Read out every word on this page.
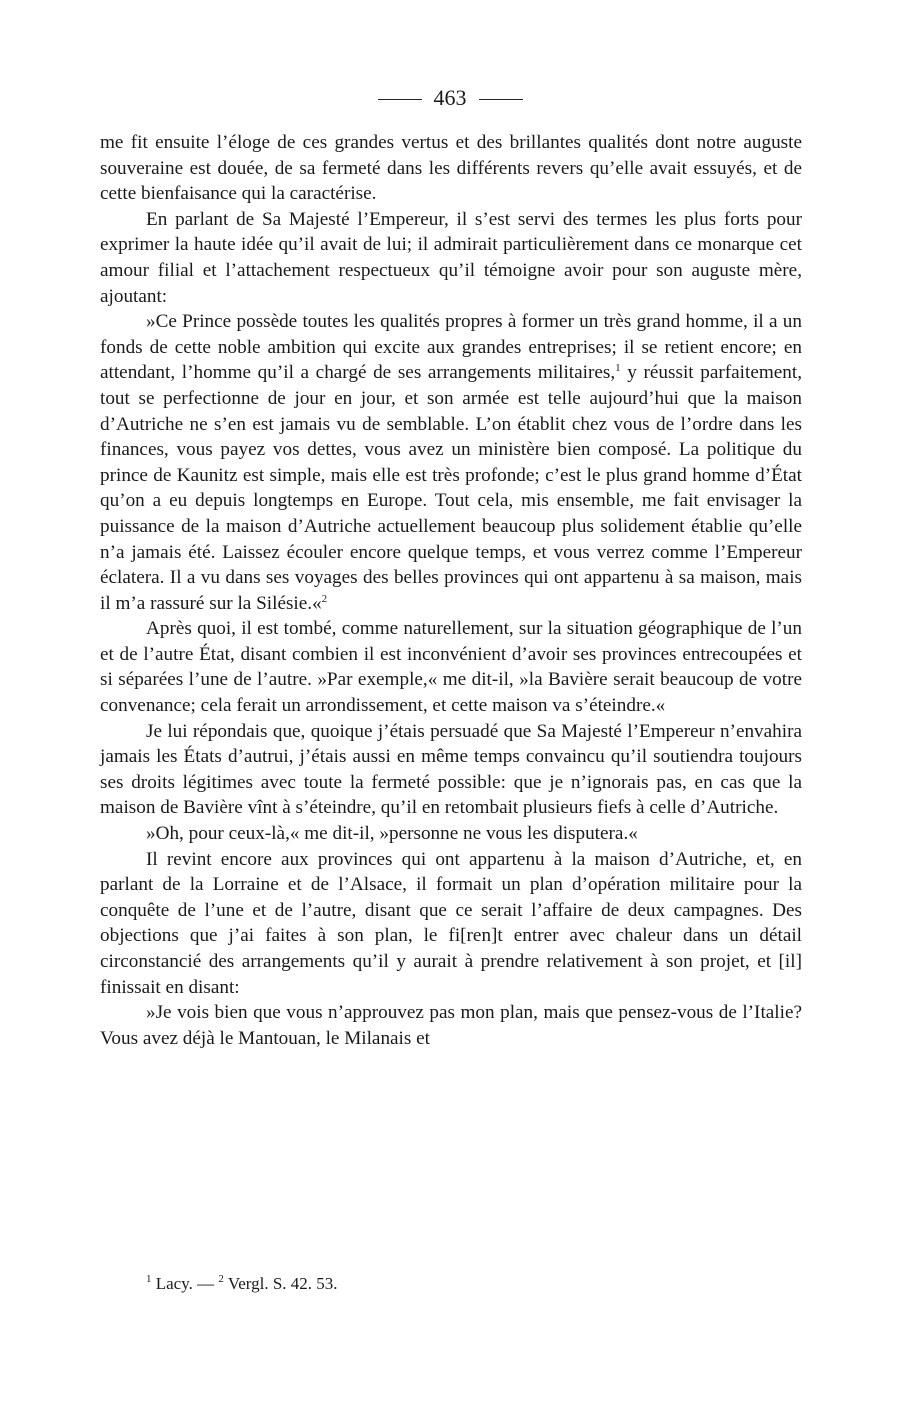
463

me fit ensuite l’éloge de ces grandes vertus et des brillantes qualités dont notre auguste souveraine est douée, de sa fermeté dans les différents revers qu’elle avait essuyés, et de cette bienfaisance qui la caractérise.

En parlant de Sa Majesté l’Empereur, il s’est servi des termes les plus forts pour exprimer la haute idée qu’il avait de lui; il admirait particulièrement dans ce monarque cet amour filial et l’attachement respectueux qu’il témoigne avoir pour son auguste mère, ajoutant:

»Ce Prince possède toutes les qualités propres à former un très grand homme, il a un fonds de cette noble ambition qui excite aux grandes entreprises; il se retient encore; en attendant, l’homme qu’il a chargé de ses arrangements militaires,$^1$ y réussit parfaitement, tout se perfectionne de jour en jour, et son armée est telle aujourd’hui que la maison d’Autriche ne s’en est jamais vu de semblable. L’on établit chez vous de l’ordre dans les finances, vous payez vos dettes, vous avez un ministère bien composé. La politique du prince de Kaunitz est simple, mais elle est très profonde; c’est le plus grand homme d’État qu’on a eu depuis longtemps en Europe. Tout cela, mis ensemble, me fait envisager la puissance de la maison d’Autriche actuellement beaucoup plus solidement établie qu’elle n’a jamais été. Laissez écouler encore quelque temps, et vous verrez comme l’Empereur éclatera. Il a vu dans ses voyages des belles provinces qui ont appartenu à sa maison, mais il m’a rassuré sur la Silésie.«$^2$

Après quoi, il est tombé, comme naturellement, sur la situation géographique de l’un et de l’autre État, disant combien il est inconvénient d’avoir ses provinces entrecoupées et si séparées l’une de l’autre. »Par exemple,« me dit-il, »la Bavière serait beaucoup de votre convenance; cela ferait un arrondissement, et cette maison va s’éteindre.«

Je lui répondais que, quoique j’étais persuadé que Sa Majesté l’Empereur n’envahira jamais les États d’autrui, j’étais aussi en même temps convaincu qu’il soutiendra toujours ses droits légitimes avec toute la fermeté possible: que je n’ignorais pas, en cas que la maison de Bavière vînt à s’éteindre, qu’il en retombait plusieurs fiefs à celle d’Autriche.

»Oh, pour ceux-là,« me dit-il, »personne ne vous les disputera.«

Il revint encore aux provinces qui ont appartenu à la maison d’Autriche, et, en parlant de la Lorraine et de l’Alsace, il formait un plan d’opération militaire pour la conquête de l’une et de l’autre, disant que ce serait l’affaire de deux campagnes. Des objections que j’ai faites à son plan, le fi[ren]t entrer avec chaleur dans un détail circonstancié des arrangements qu’il y aurait à prendre relativement à son projet, et [il] finissait en disant:

»Je vois bien que vous n’approuvez pas mon plan, mais que pensez-vous de l’Italie? Vous avez déjà le Mantouan, le Milanais et

$^1$ Lacy. — $^2$ Vergl. S. 42. 53.
